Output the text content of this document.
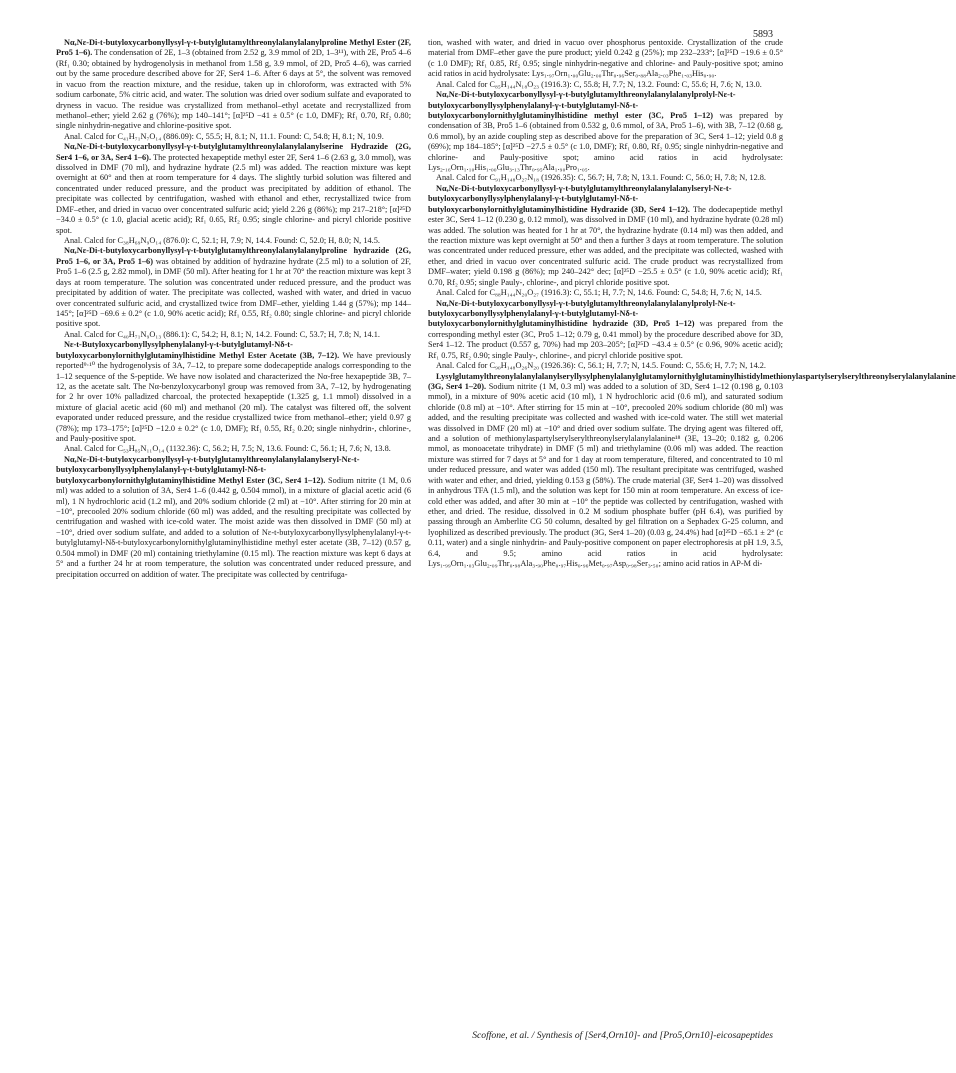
5893

Nα,Nε-Di-t-butyloxycarbonyllysyl-γ-t-butylglutamylthreonylalanylalanylproline Methyl Ester (2F, Pro5 1–6). The condensation of 2E, 1–3 (obtained from 2.52 g, 3.9 mmol of 2D, 1–3¹¹), with 2E, Pro5 4–6 (Rf₁ 0.30; obtained by hydrogenolysis in methanol from 1.58 g, 3.9 mmol, of 2D, Pro5 4–6), was carried out by the same procedure described above for 2F, Ser4 1–6. After 6 days at 5°, the solvent was removed in vacuo from the reaction mixture, and the residue, taken up in chloroform, was extracted with 5% sodium carbonate, 5% citric acid, and water. The solution was dried over sodium sulfate and evaporated to dryness in vacuo. The residue was crystallized from methanol–ethyl acetate and recrystallized from methanol–ether; yield 2.62 g (76%); mp 140–141°; [α]²⁵D −41 ± 0.5° (c 1.0, DMF); Rf₁ 0.70, Rf₂ 0.80; single ninhydrin-negative and chlorine-positive spot.

Anal. Calcd for C₄₁H₇₁N₇O₁₄ (886.09): C, 55.5; H, 8.1; N, 11.1. Found: C, 54.8; H, 8.1; N, 10.9.

Nα,Nε-Di-t-butyloxycarbonyllysyl-γ-t-butylglutamylthreonylalanylalanylserine Hydrazide (2G, Ser4 1–6, or 3A, Ser4 1–6). The protected hexapeptide methyl ester 2F, Ser4 1–6 (2.63 g, 3.0 mmol), was dissolved in DMF (70 ml), and hydrazine hydrate (2.5 ml) was added. The reaction mixture was kept overnight at 60° and then at room temperature for 4 days. The slightly turbid solution was filtered and concentrated under reduced pressure, and the product was precipitated by addition of ethanol. The precipitate was collected by centrifugation, washed with ethanol and ether, recrystallized twice from DMF–ether, and dried in vacuo over concentrated sulfuric acid; yield 2.26 g (86%); mp 217–218°; [α]²⁵D −34.0 ± 0.5° (c 1.0, glacial acetic acid); Rf₁ 0.65, Rf₂ 0.95; single chlorine- and picryl chloride positive spot.

Anal. Calcd for C₃₈H₆₉N₉O₁₄ (876.0): C, 52.1; H, 7.9; N, 14.4. Found: C, 52.0; H, 8.0; N, 14.5.

Nα,Nε-Di-t-butyloxycarbonyllysyl-γ-t-butylglutamylthreonylalanylalanylproline hydrazide (2G, Pro5 1–6, or 3A, Pro5 1–6) was obtained by addition of hydrazine hydrate (2.5 ml) to a solution of 2F, Pro5 1–6 (2.5 g, 2.82 mmol), in DMF (50 ml). After heating for 1 hr at 70° the reaction mixture was kept 3 days at room temperature. The solution was concentrated under reduced pressure, and the product was precipitated by addition of water. The precipitate was collected, washed with water, and dried in vacuo over concentrated sulfuric acid, and crystallized twice from DMF–ether, yielding 1.44 g (57%); mp 144–145°; [α]²⁵D −69.6 ± 0.2° (c 1.0, 90% acetic acid); Rf₁ 0.55, Rf₂ 0.80; single chlorine- and picryl chloride positive spot.

Anal. Calcd for C₄₀H₇₁N₉O₁₃ (886.1): C, 54.2; H, 8.1; N, 14.2. Found: C, 53.7; H, 7.8; N, 14.1.

Nε-t-Butyloxycarbonyllysylphenylalanyl-γ-t-butylglutamyl-Nδ-t-butyloxycarbonylornithylglutaminylhistidine Methyl Ester Acetate (3B, 7–12). We have previously reported⁹·¹⁰ the hydrogenolysis of 3A, 7–12, to prepare some dodecapeptide analogs corresponding to the 1–12 sequence of the S-peptide. We have now isolated and characterized the Nα-free hexapeptide 3B, 7–12, as the acetate salt. The Nα-benzyloxycarbonyl group was removed from 3A, 7–12, by hydrogenating for 2 hr over 10% palladized charcoal, the protected hexapeptide (1.325 g, 1.1 mmol) dissolved in a mixture of glacial acetic acid (60 ml) and methanol (20 ml). The catalyst was filtered off, the solvent evaporated under reduced pressure, and the residue crystallized twice from methanol–ether; yield 0.97 g (78%); mp 173–175°; [α]²⁵D −12.0 ± 0.2° (c 1.0, DMF); Rf₁ 0.55, Rf₂ 0.20; single ninhydrin-, chlorine-, and Pauly-positive spot.

Anal. Calcd for C₅₃H₈₅N₁₁O₁₄ (1132.36): C, 56.2; H, 7.5; N, 13.6. Found: C, 56.1; H, 7.6; N, 13.8.

Nα,Nε-Di-t-butyloxycarbonyllysyl-γ-t-butylglutamylthreonylalanylalanylseryl-Nε-t-butyloxycarbonyllysylphenylalanyl-γ-t-butylglutamyl-Nδ-t-butyloxycarbonylornithylglutaminylhistidine Methyl Ester (3C, Ser4 1–12). Sodium nitrite (1 M, 0.6 ml) was added to a solution of 3A, Ser4 1–6 (0.442 g, 0.504 mmol), in a mixture of glacial acetic acid (6 ml), 1 N hydrochloric acid (1.2 ml), and 20% sodium chloride (2 ml) at −10°. After stirring for 20 min at −10°, precooled 20% sodium chloride (60 ml) was added, and the resulting precipitate was collected by centrifugation and washed with ice-cold water. The moist azide was then dissolved in DMF (50 ml) at −10°, dried over sodium sulfate, and added to a solution of Nε-t-butyloxycarbonyllysylphenylalanyl-γ-t-butylglutamyl-Nδ-t-butyloxycarbonylornithylglutaminylhistidine methyl ester acetate (3B, 7–12) (0.57 g, 0.504 mmol) in DMF (20 ml) containing triethylamine (0.15 ml). The reaction mixture was kept 6 days at 5° and a further 24 hr at room temperature, the solution was concentrated under reduced pressure, and precipitation occurred on addition of water. The precipitate was collected by centrifuga-

tion, washed with water, and dried in vacuo over phosphorus pentoxide. Crystallization of the crude material from DMF–ether gave the pure product; yield 0.242 g (25%); mp 232–233°; [α]²⁵D −19.6 ± 0.5° (c 1.0 DMF); Rf₁ 0.85, Rf₂ 0.95; single ninhydrin-negative and chlorine- and Pauly-positive spot; amino acid ratios in acid hydrolysate: Lys₁.₉₇Orn₁.₀₀Glu₂.₀₀Thr₀.₉₆Ser₀.₈₈Ala₂.₀₃Phe₁.₀₃His₀.₉₀.

Anal. Calcd for C₈₅H₁₄₄N₁₈O₂₃ (1916.3): C, 55.8; H, 7.7; N, 13.2. Found: C, 55.6; H, 7.6; N, 13.0.

Nα,Nε-Di-t-butyloxycarbonyllysyl-γ-t-butylglutamylthreonylalanylalanylprolyl-Nε-t-butyloxycarbonyllysylphenylalanyl-γ-t-butylglutamyl-Nδ-t-butyloxycarbonylornithylglutaminylhistidine methyl ester (3C, Pro5 1–12) was prepared by condensation of 3B, Pro5 1–6 (obtained from 0.532 g, 0.6 mmol, of 3A, Pro5 1–6), with 3B, 7–12 (0.68 g, 0.6 mmol), by an azide coupling step as described above for the preparation of 3C, Ser4 1–12; yield 0.8 g (69%); mp 184–185°; [α]²⁵D −27.5 ± 0.5° (c 1.0, DMF); Rf₁ 0.80, Rf₂ 0.95; single ninhydrin-negative and chlorine- and Pauly-positive spot; amino acid ratios in acid hydrolysate: Lys₂.₁₆Orn₁.₁₀His₁.₀₀Glu₃.₁₃Thr₀.₉₅Ala₁.₉₀Pro₁.₀₅.

Anal. Calcd for C₉₁H₁₄₈O₂₇N₁₈ (1926.35): C, 56.7; H, 7.8; N, 13.1. Found: C, 56.0; H, 7.8; N, 12.8.

Nα,Nε-Di-t-butyloxycarbonyllysyl-γ-t-butylglutamylthreonylalanylalanylseryl-Nε-t-butyloxycarbonyllysylphenylalanyl-γ-t-butylglutamyl-Nδ-t-butyloxycarbonylornithylglutaminylhistidine Hydrazide (3D, Ser4 1–12). The dodecapeptide methyl ester 3C, Ser4 1–12 (0.230 g, 0.12 mmol), was dissolved in DMF (10 ml), and hydrazine hydrate (0.28 ml) was added. The solution was heated for 1 hr at 70°, the hydrazine hydrate (0.14 ml) was then added, and the reaction mixture was kept overnight at 50° and then a further 3 days at room temperature. The solution was concentrated under reduced pressure, ether was added, and the precipitate was collected, washed with ether, and dried in vacuo over concentrated sulfuric acid. The crude product was recrystallized from DMF–water; yield 0.198 g (86%); mp 240–242° dec; [α]²⁵D −25.5 ± 0.5° (c 1.0, 90% acetic acid); Rf₁ 0.70, Rf₂ 0.95; single Pauly-, chlorine-, and picryl chloride positive spot.

Anal. Calcd for C₈₈H₁₄₄N₂₀O₂₇ (1916.3): C, 55.1; H, 7.7; N, 14.6. Found: C, 54.8; H, 7.6; N, 14.5.

Nα,Nε-Di-t-butyloxycarbonyllysyl-γ-t-butylglutamylthreonylalanylalanylprolyl-Nε-t-butyloxycarbonyllysylphenylalanyl-γ-t-butylglutamyl-Nδ-t-butyloxycarbonylornithylglutaminylhistidine hydrazide (3D, Pro5 1–12) was prepared from the corresponding methyl ester (3C, Pro5 1–12; 0.79 g, 0.41 mmol) by the procedure described above for 3D, Ser4 1–12. The product (0.557 g, 70%) had mp 203–205°; [α]²⁵D −43.4 ± 0.5° (c 0.96, 90% acetic acid); Rf₁ 0.75, Rf₂ 0.90; single Pauly-, chlorine-, and picryl chloride positive spot.

Anal. Calcd for C₉₀H₁₄₈O₂₆N₂₀ (1926.36): C, 56.1; H, 7.7; N, 14.5. Found: C, 55.6; H, 7.7; N, 14.2.

Lysylglutamylthreonylalanylalanylseryllysylphenylalanylglutamylornithylglutaminylhistidylmethionylaspartylserylserylthreonylserylalanylalanine (3G, Ser4 1–20). Sodium nitrite (1 M, 0.3 ml) was added to a solution of 3D, Ser4 1–12 (0.198 g, 0.103 mmol), in a mixture of 90% acetic acid (10 ml), 1 N hydrochloric acid (0.6 ml), and saturated sodium chloride (0.8 ml) at −10°. After stirring for 15 min at −10°, precooled 20% sodium chloride (80 ml) was added, and the resulting precipitate was collected and washed with ice-cold water. The still wet material was dissolved in DMF (20 ml) at −10° and dried over sodium sulfate. The drying agent was filtered off, and a solution of methionylaspartylserylserylthreonylserylalanylalanine¹⁸ (3E, 13–20; 0.182 g, 0.206 mmol, as monoacetate trihydrate) in DMF (5 ml) and triethylamine (0.06 ml) was added. The reaction mixture was stirred for 7 days at 5° and for 1 day at room temperature, filtered, and concentrated to 10 ml under reduced pressure, and water was added (150 ml). The resultant precipitate was centrifuged, washed with water and ether, and dried, yielding 0.153 g (58%). The crude material (3F, Ser4 1–20) was dissolved in anhydrous TFA (1.5 ml), and the solution was kept for 150 min at room temperature. An excess of ice-cold ether was added, and after 30 min at −10° the peptide was collected by centrifugation, washed with ether, and dried. The residue, dissolved in 0.2 M sodium phosphate buffer (pH 6.4), was purified by passing through an Amberlite CG 50 column, desalted by gel filtration on a Sephadex G-25 column, and lyophilized as described previously. The product (3G, Ser4 1–20) (0.03 g, 24.4%) had [α]²⁵D −65.1 ± 2° (c 0.11, water) and a single ninhydrin- and Pauly-positive component on paper electrophoresis at pH 1.9, 3.5, 6.4, and 9.5; amino acid ratios in acid hydrolysate: Lys₁.₉₉Orn₁.₀₃Glu₂.₀₉Thr₀.₉₈Ala₃.₉₀Phe₀.₉₇His₀.₉₆Met₀.₉₇Asp₀.₉₈Ser₃.₅₀; amino acid ratios in AP-M di-

Scoffone, et al. / Synthesis of [Ser4,Orn10]- and [Pro5,Orn10]-eicosapeptides
